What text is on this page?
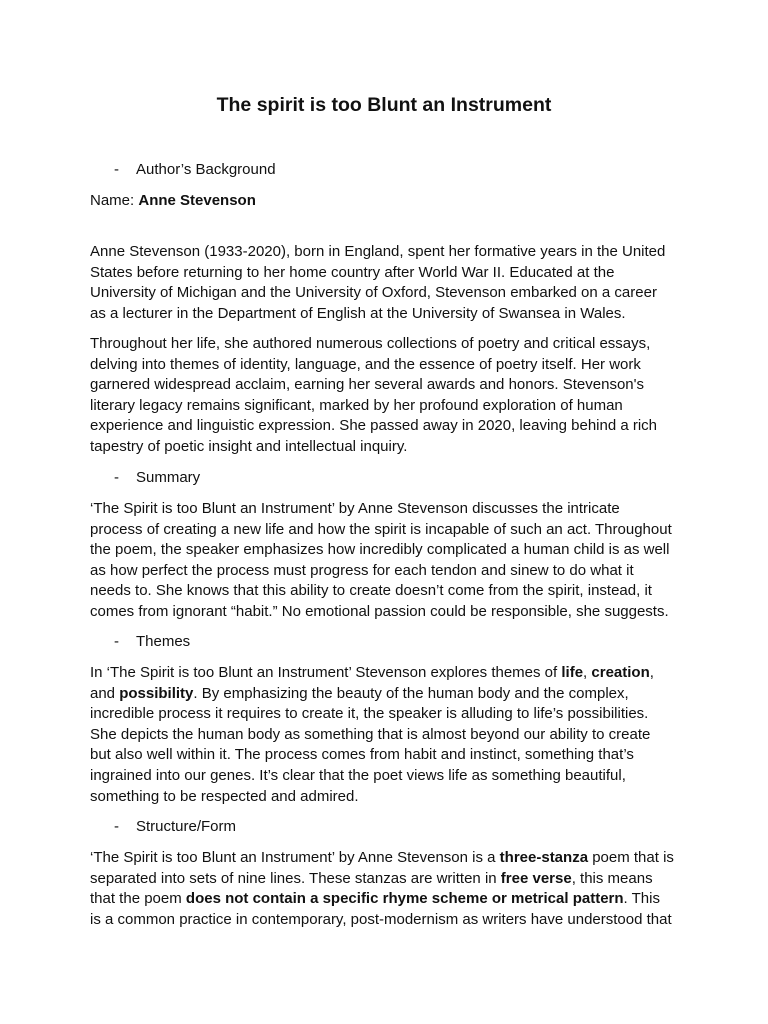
The spirit is too Blunt an Instrument
- Author’s Background
Name: Anne Stevenson

Anne Stevenson (1933-2020), born in England, spent her formative years in the United
States before returning to her home country after World War II. Educated at the
University of Michigan and the University of Oxford, Stevenson embarked on a career
as a lecturer in the Department of English at the University of Swansea in Wales.

Throughout her life, she authored numerous collections of poetry and critical essays,
delving into themes of identity, language, and the essence of poetry itself. Her work
garnered widespread acclaim, earning her several awards and honors. Stevenson's
literary legacy remains significant, marked by her profound exploration of human
experience and linguistic expression. She passed away in 2020, leaving behind a rich
tapestry of poetic insight and intellectual inquiry.

- Summary

‘The Spirit is too Blunt an Instrument’ by Anne Stevenson discusses the intricate
process of creating a new life and how the spirit is incapable of such an act. Throughout
the poem, the speaker emphasizes how incredibly complicated a human child is as well
as how perfect the process must progress for each tendon and sinew to do what it
needs to. She knows that this ability to create doesn’t come from the spirit, instead, it
comes from ignorant “habit.” No emotional passion could be responsible, she suggests.

- Themes

In ‘The Spirit is too Blunt an Instrument’ Stevenson explores themes of life, creation,
and possibility. By emphasizing the beauty of the human body and the complex,
incredible process it requires to create it, the speaker is alluding to life’s possibilities.
She depicts the human body as something that is almost beyond our ability to create
but also well within it. The process comes from habit and instinct, something that’s
ingrained into our genes. It’s clear that the poet views life as something beautiful,
something to be respected and admired.

- Structure/Form

‘The Spirit is too Blunt an Instrument’ by Anne Stevenson is a three-stanza poem that is
separated into sets of nine lines. These stanzas are written in free verse, this means
that the poem does not contain a specific rhyme scheme or metrical pattern. This
is a common practice in contemporary, post-modernism as writers have understood that
